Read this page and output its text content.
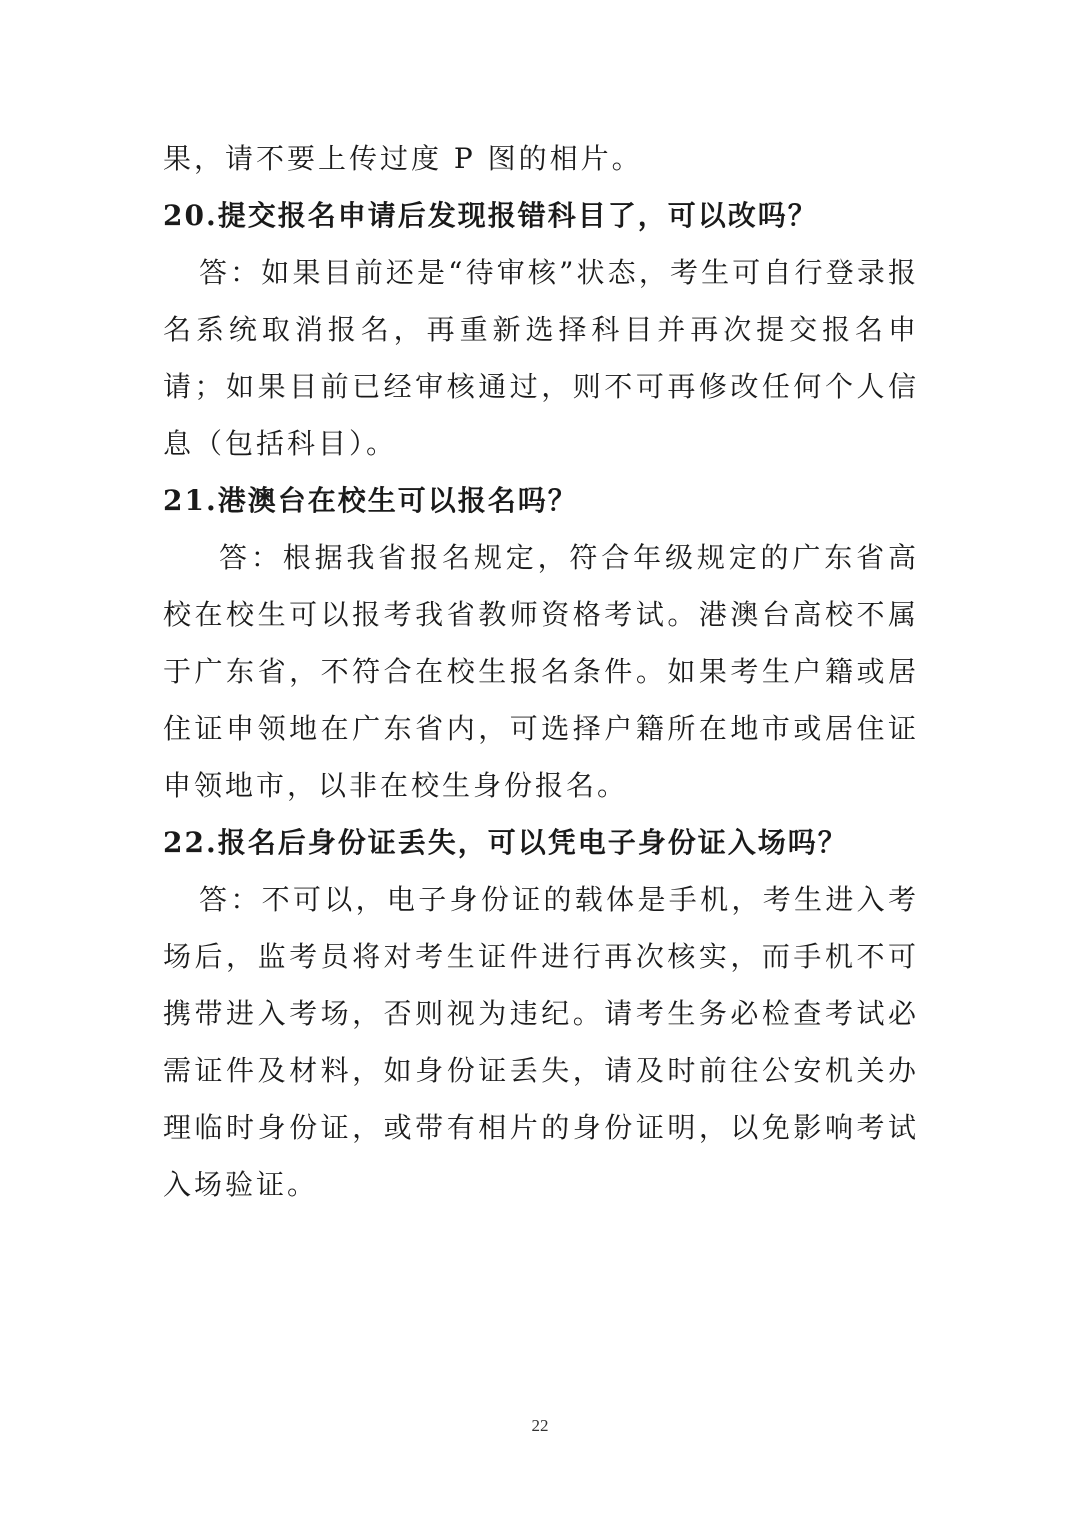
果，请不要上传过度 P 图的相片。
20.提交报名申请后发现报错科目了，可以改吗？

答：如果目前还是“待审核”状态，考生可自行登录报名系统取消报名，再重新选择科目并再次提交报名申请；如果目前已经审核通过，则不可再修改任何个人信息（包括科目）。

21.港澳台在校生可以报名吗？

答：根据我省报名规定，符合年级规定的广东省高校在校生可以报考我省教师资格考试。港澳台高校不属于广东省，不符合在校生报名条件。如果考生户籍或居住证申领地在广东省内，可选择户籍所在地市或居住证申领地市，以非在校生身份报名。

22.报名后身份证丢失，可以凭电子身份证入场吗？

答：不可以，电子身份证的载体是手机，考生进入考场后，监考员将对考生证件进行再次核实，而手机不可携带进入考场，否则视为违纪。请考生务必检查考试必需证件及材料，如身份证丢失，请及时前往公安机关办理临时身份证，或带有相片的身份证明，以免影响考试入场验证。

22
